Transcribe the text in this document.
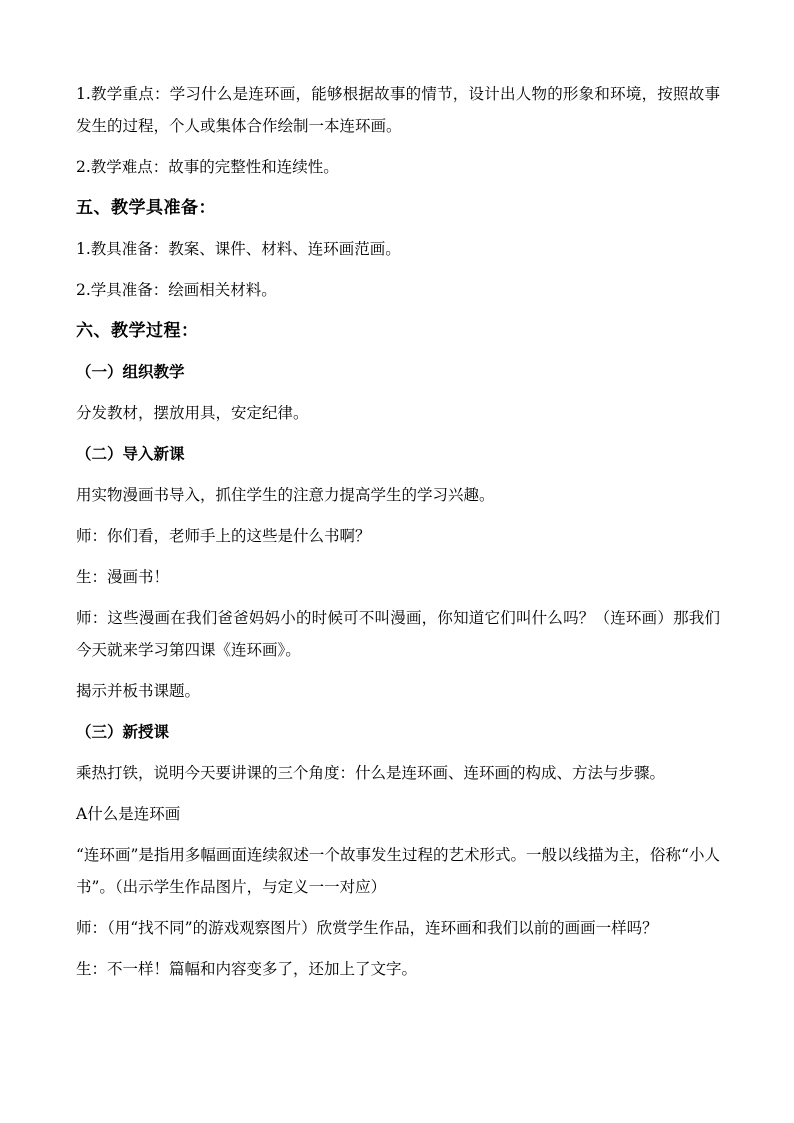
1.教学重点：学习什么是连环画，能够根据故事的情节，设计出人物的形象和环境，按照故事发生的过程，个人或集体合作绘制一本连环画。

2.教学难点：故事的完整性和连续性。

五、教学具准备：

1.教具准备：教案、课件、材料、连环画范画。

2.学具准备：绘画相关材料。

六、教学过程：
（一）组织教学

分发教材，摆放用具，安定纪律。

（二）导入新课

用实物漫画书导入，抓住学生的注意力提高学生的学习兴趣。

师：你们看，老师手上的这些是什么书啊？

生：漫画书！

师：这些漫画在我们爸爸妈妈小的时候可不叫漫画，你知道它们叫什么吗？（连环画）那我们今天就来学习第四课《连环画》。

揭示并板书课题。

（三）新授课

乘热打铁，说明今天要讲课的三个角度：什么是连环画、连环画的构成、方法与步骤。

A什么是连环画

“连环画”是指用多幅画面连续叙述一个故事发生过程的艺术形式。一般以线描为主，俗称“小人书”。（出示学生作品图片，与定义一一对应）

师：（用“找不同”的游戏观察图片）欣赏学生作品，连环画和我们以前的画画一样吗？

生：不一样！篇幅和内容变多了，还加上了文字。
